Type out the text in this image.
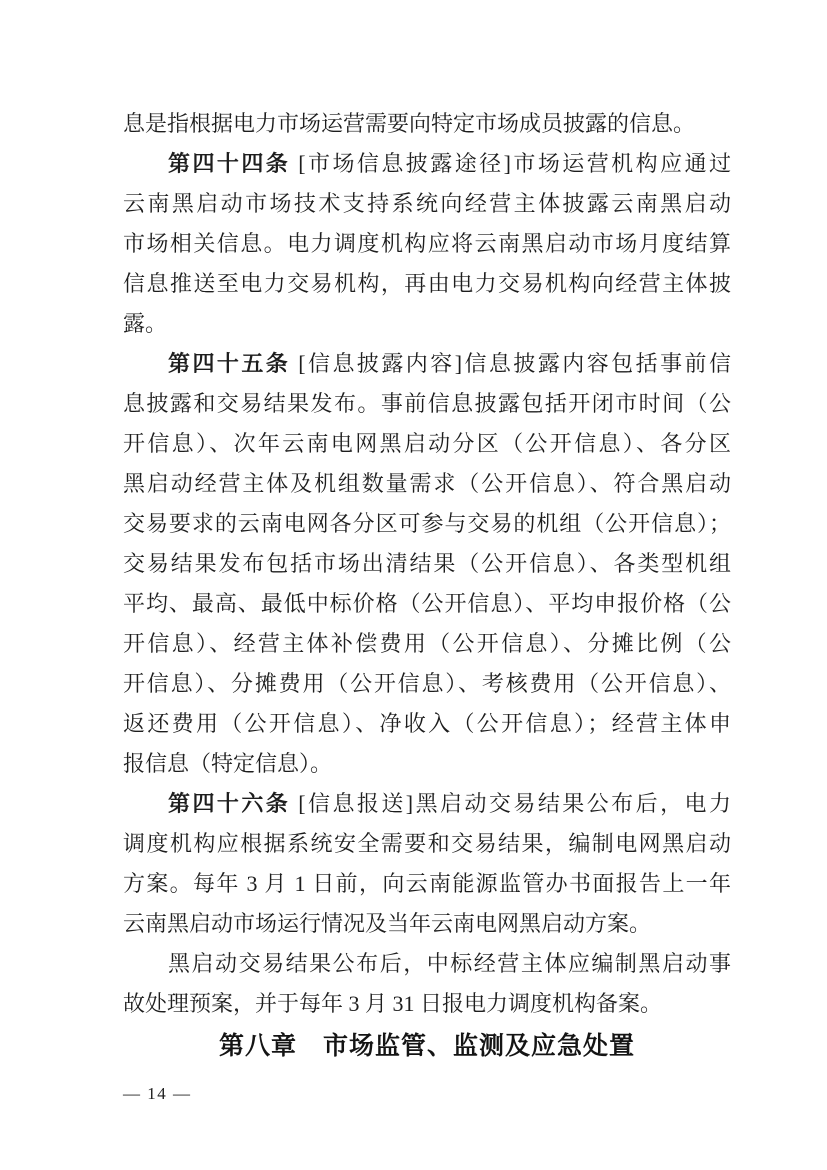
息是指根据电力市场运营需要向特定市场成员披露的信息。
第四十四条 [市场信息披露途径]市场运营机构应通过
云南黑启动市场技术支持系统向经营主体披露云南黑启动
市场相关信息。电力调度机构应将云南黑启动市场月度结算
信息推送至电力交易机构，再由电力交易机构向经营主体披
露。
第四十五条 [信息披露内容]信息披露内容包括事前信
息披露和交易结果发布。事前信息披露包括开闭市时间（公
开信息）、次年云南电网黑启动分区（公开信息）、各分区
黑启动经营主体及机组数量需求（公开信息）、符合黑启动
交易要求的云南电网各分区可参与交易的机组（公开信息）；
交易结果发布包括市场出清结果（公开信息）、各类型机组
平均、最高、最低中标价格（公开信息）、平均申报价格（公
开信息）、经营主体补偿费用（公开信息）、分摊比例（公
开信息）、分摊费用（公开信息）、考核费用（公开信息）、
返还费用（公开信息）、净收入（公开信息）；经营主体申
报信息（特定信息）。
第四十六条 [信息报送]黑启动交易结果公布后，电力
调度机构应根据系统安全需要和交易结果，编制电网黑启动
方案。每年 3 月 1 日前，向云南能源监管办书面报告上一年
云南黑启动市场运行情况及当年云南电网黑启动方案。
黑启动交易结果公布后，中标经营主体应编制黑启动事
故处理预案，并于每年 3 月 31 日报电力调度机构备案。
第八章　市场监管、监测及应急处置
— 14 —
